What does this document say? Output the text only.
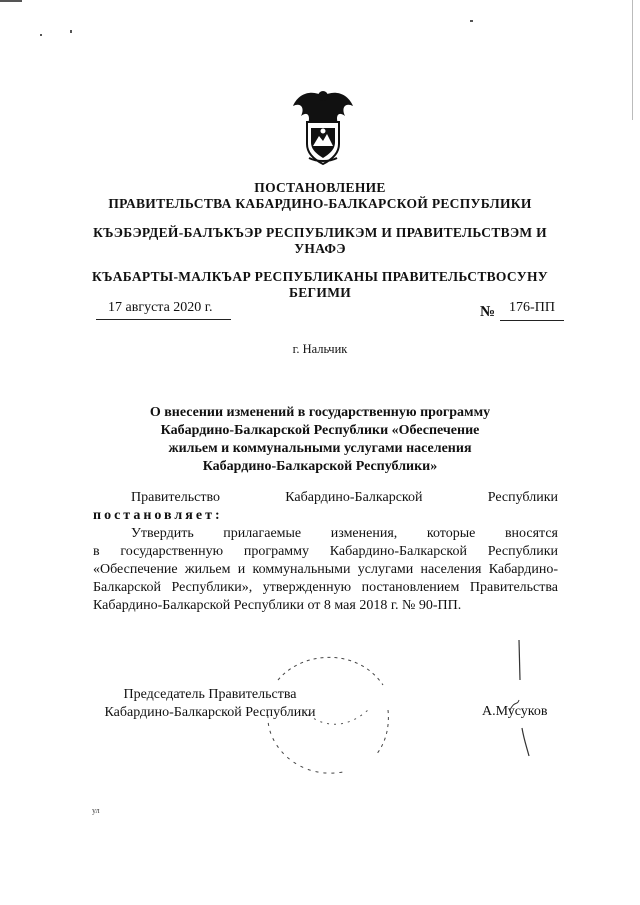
ПОСТАНОВЛЕНИЕ
ПРАВИТЕЛЬСТВА КАБАРДИНО-БАЛКАРСКОЙ РЕСПУБЛИКИ
КЪЭБЭРДЕЙ-БАЛЪКЪЭР РЕСПУБЛИКЭМ И ПРАВИТЕЛЬСТВЭМ И
УНАФЭ
КЪАБАРТЫ-МАЛКЪАР РЕСПУБЛИКАНЫ ПРАВИТЕЛЬСТВОСУНУ
БЕГИМИ
17 августа 2020 г.	№ 176-ПП
г. Нальчик
О внесении изменений в государственную программу
Кабардино-Балкарской Республики «Обеспечение
жильем и коммунальными услугами населения
Кабардино-Балкарской Республики»
Правительство	Кабардино-Балкарской	Республики
постановляет:
Утвердить прилагаемые изменения, которые вносятся
в государственную программу Кабардино-Балкарской Республики «Обеспечение жильем и коммунальными услугами населения Кабардино-Балкарской Республики», утвержденную постановлением Правительства Кабардино-Балкарской Республики от 8 мая 2018 г. № 90-ПП.
Председатель Правительства
Кабардино-Балкарской Республики	А.Мусуков
ул
